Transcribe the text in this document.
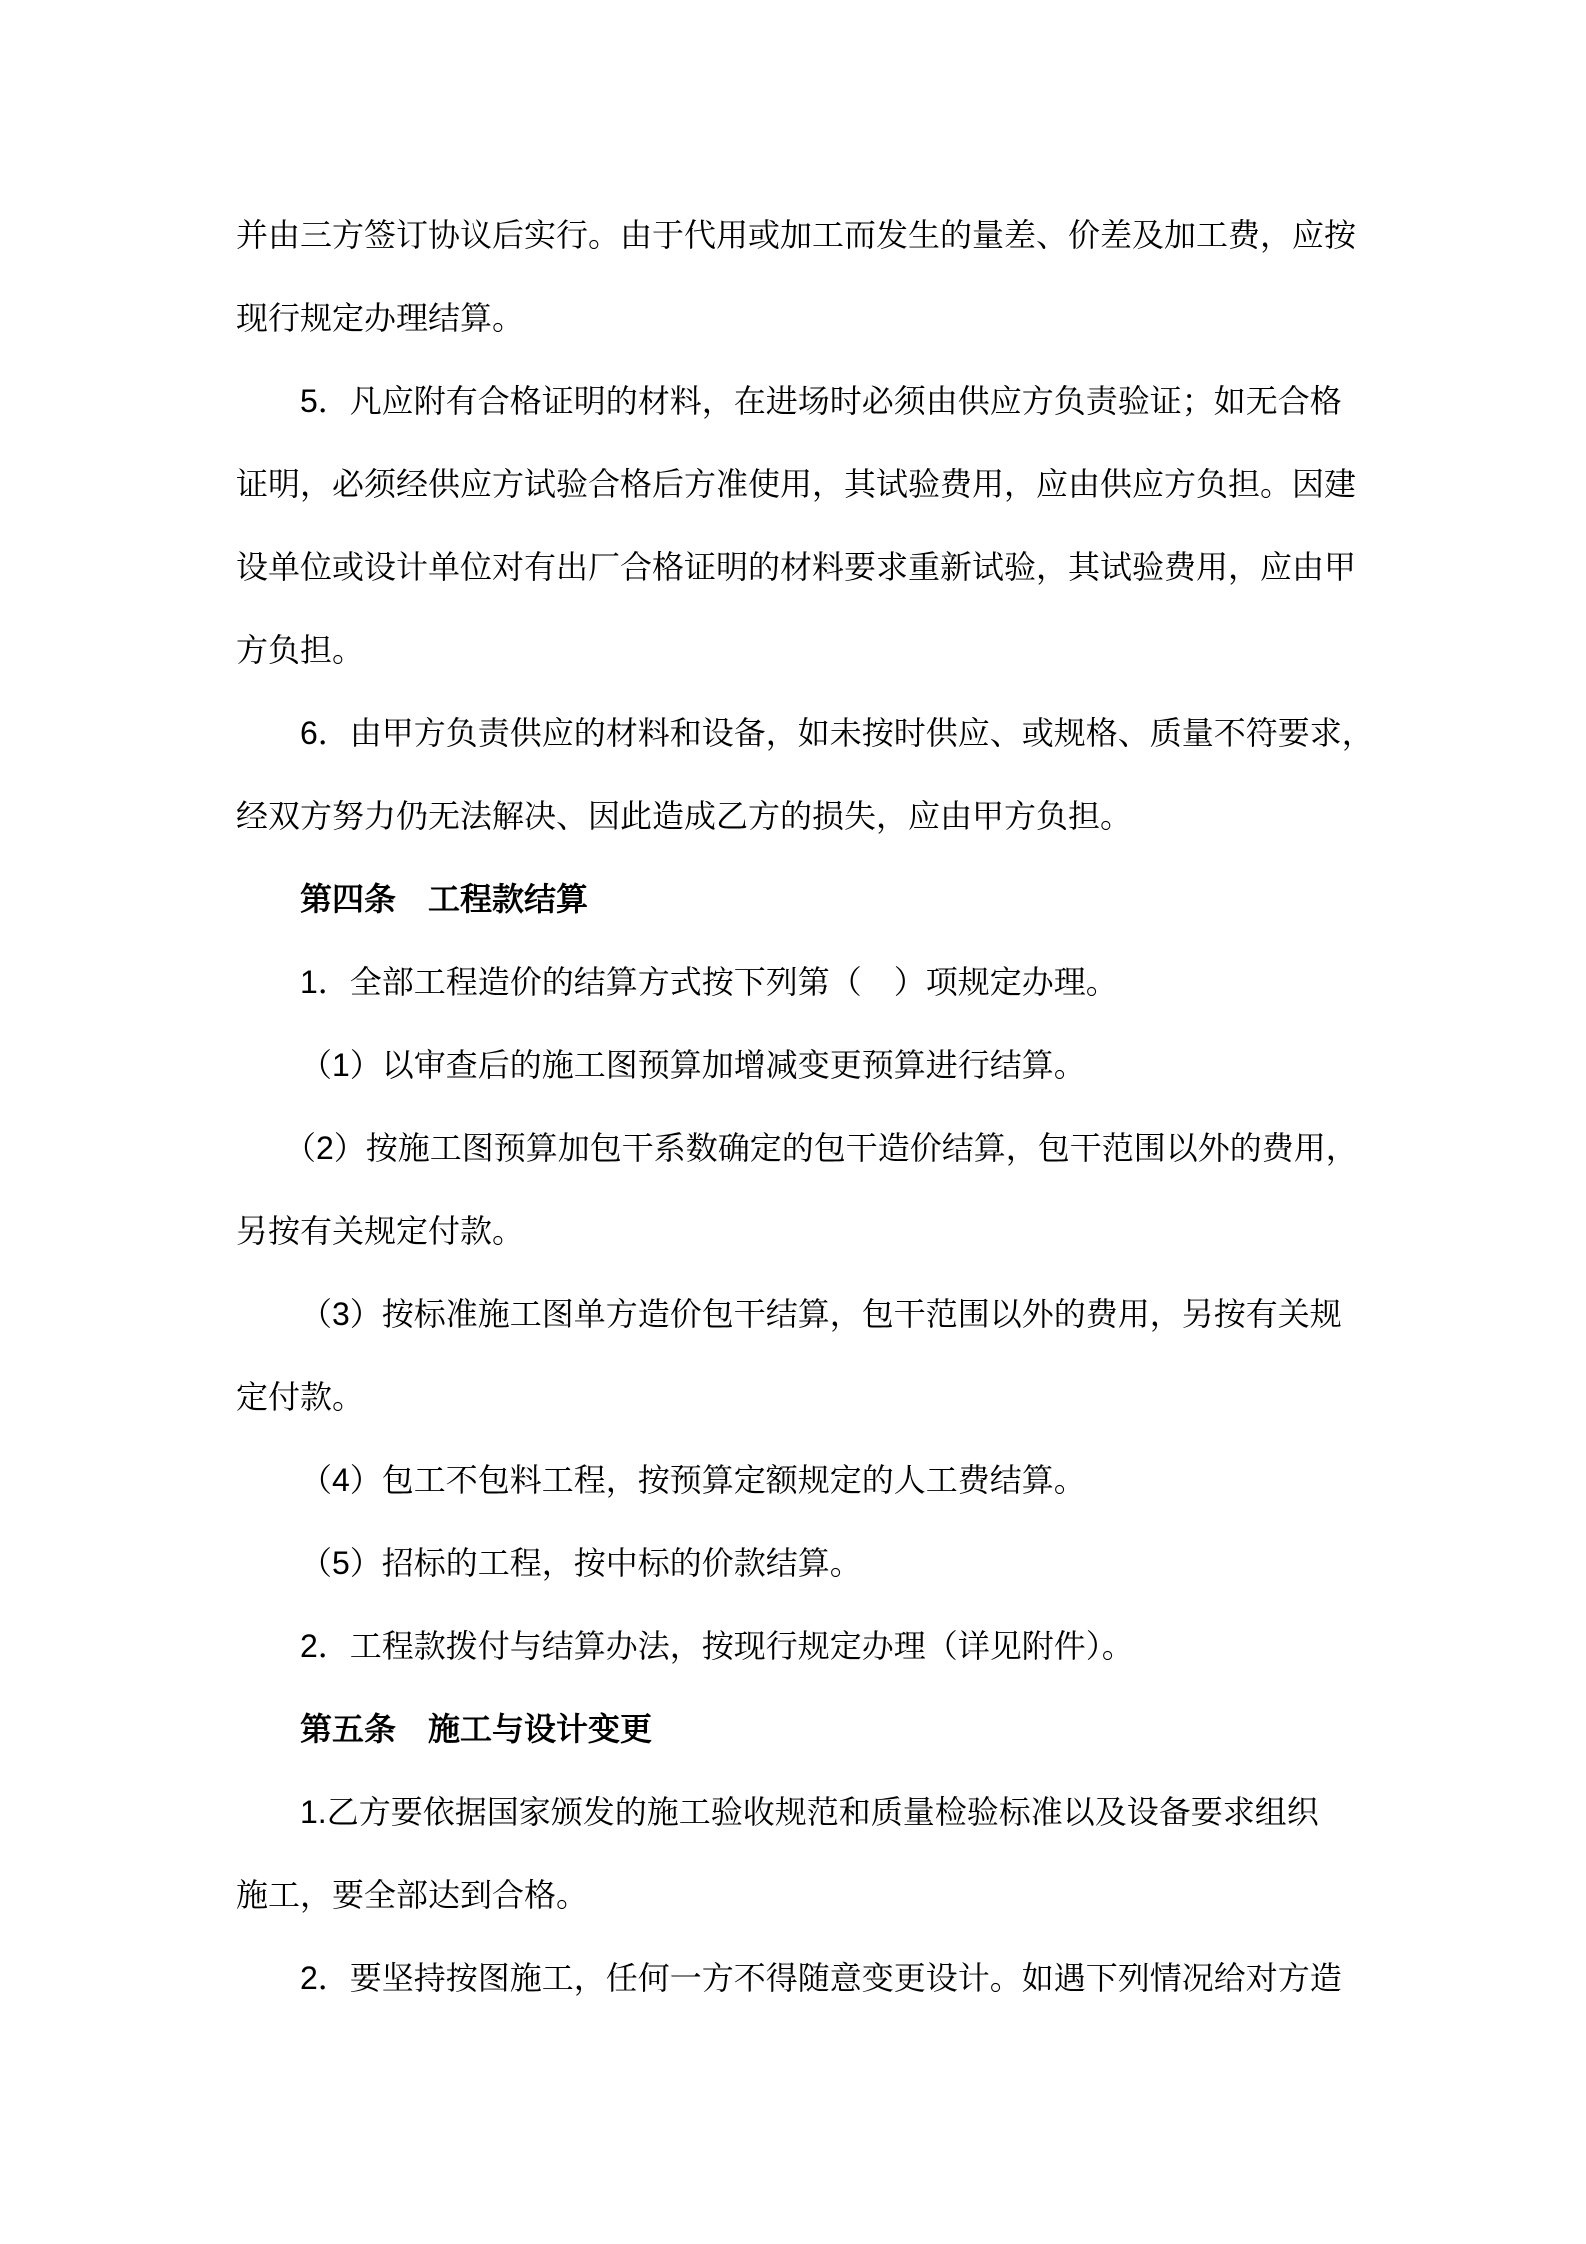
并由三方签订协议后实行。由于代用或加工而发生的量差、价差及加工费，应按
现行规定办理结算。
5．凡应附有合格证明的材料，在进场时必须由供应方负责验证；如无合格
证明，必须经供应方试验合格后方准使用，其试验费用，应由供应方负担。因建
设单位或设计单位对有出厂合格证明的材料要求重新试验，其试验费用，应由甲
方负担。
6．由甲方负责供应的材料和设备，如未按时供应、或规格、质量不符要求，
经双方努力仍无法解决、因此造成乙方的损失，应由甲方负担。
第四条　工程款结算
1．全部工程造价的结算方式按下列第（　）项规定办理。
（1）以审查后的施工图预算加增减变更预算进行结算。
（2）按施工图预算加包干系数确定的包干造价结算，包干范围以外的费用，
另按有关规定付款。
（3）按标准施工图单方造价包干结算，包干范围以外的费用，另按有关规
定付款。
（4）包工不包料工程，按预算定额规定的人工费结算。
（5）招标的工程，按中标的价款结算。
2．工程款拨付与结算办法，按现行规定办理（详见附件）。
第五条　施工与设计变更
1.乙方要依据国家颁发的施工验收规范和质量检验标准以及设备要求组织
施工，要全部达到合格。
2．要坚持按图施工，任何一方不得随意变更设计。如遇下列情况给对方造
